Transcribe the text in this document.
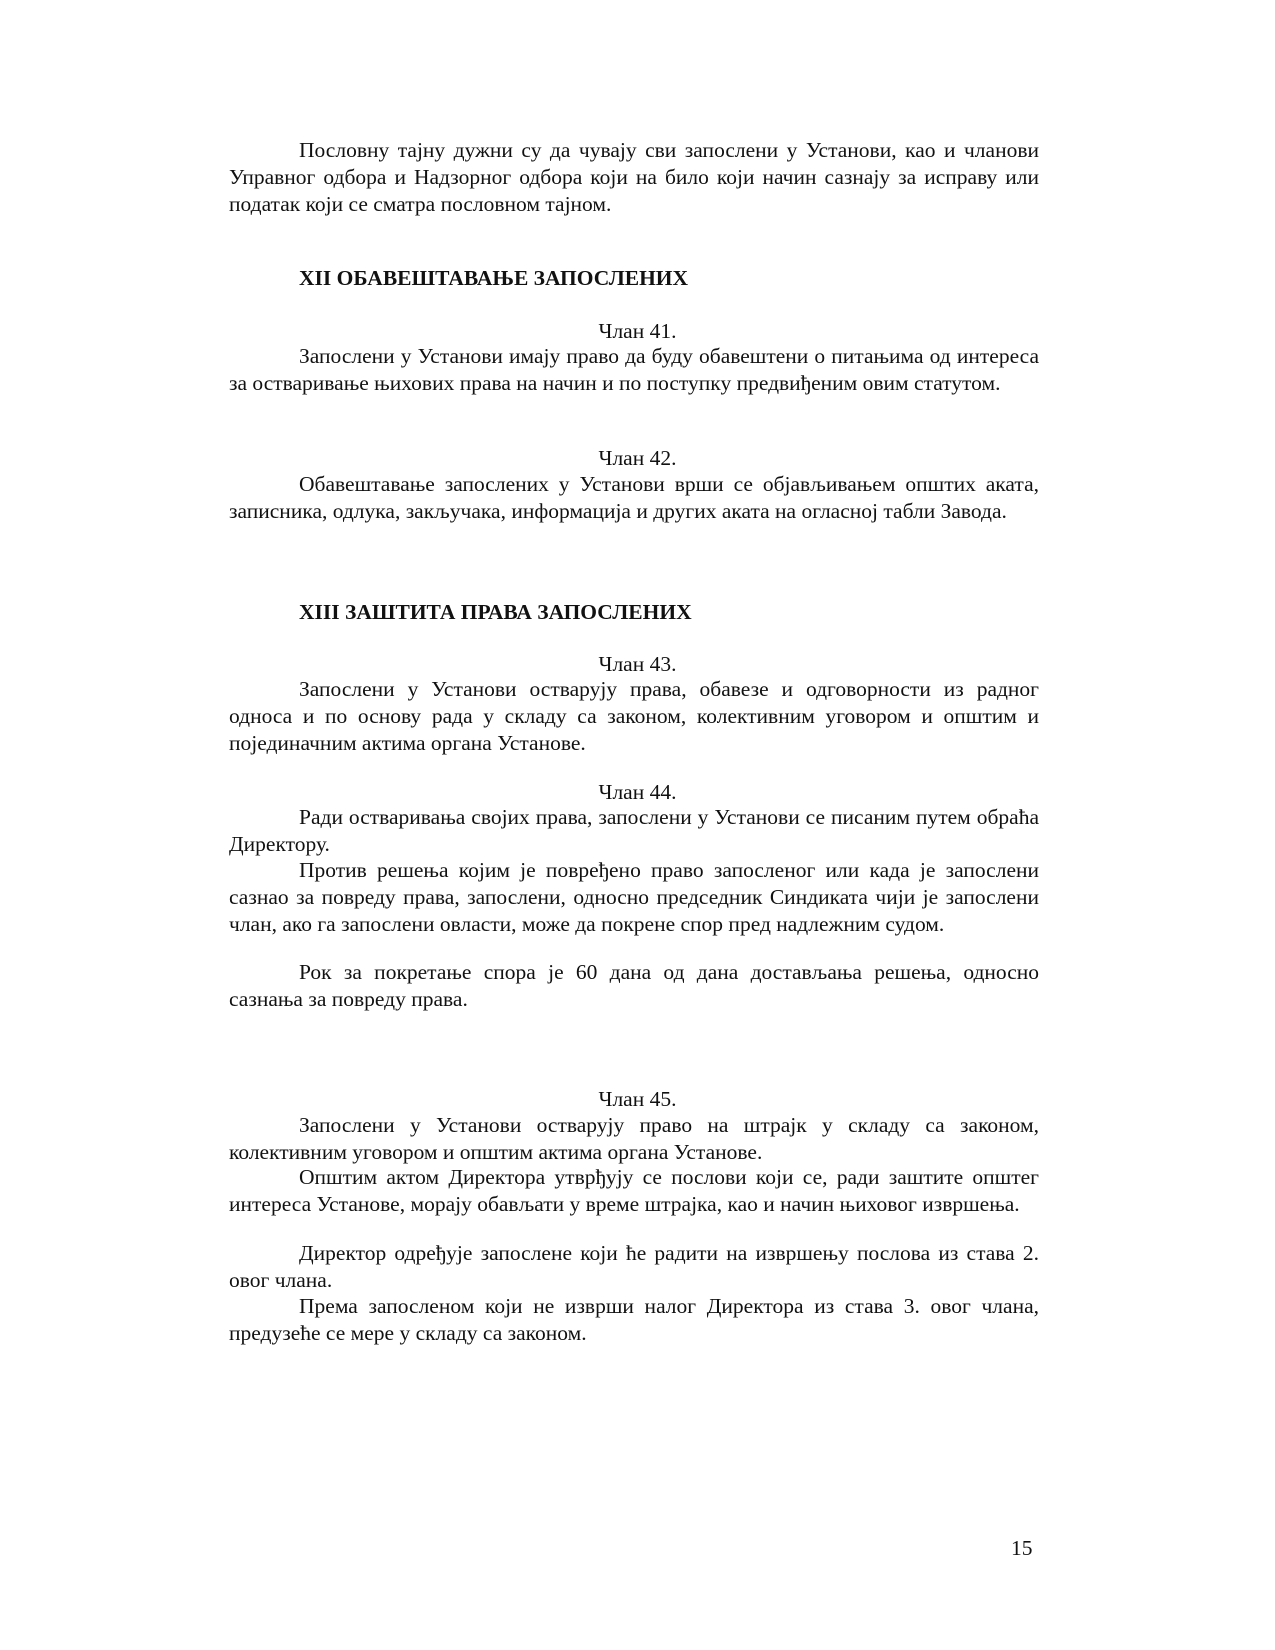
Пословну тајну дужни су да чувају сви запослени у Установи, као и чланови Управног одбора и Надзорног одбора који на било који начин сазнају за исправу или податак који се сматра пословном тајном.

XII ОБАВЕШТАВАЊЕ ЗАПОСЛЕНИХ

Члан 41.

Запослени у Установи имају право да буду обавештени о питањима од интереса за остваривање њихових права на начин и по поступку предвиђеним овим статутом.

Члан 42.

Обавештавање запослених у Установи врши се објављивањем општих аката, записника, одлука, закључака, информација и других аката на огласној табли Завода.

XIII ЗАШТИТА ПРАВА ЗАПОСЛЕНИХ

Члан 43.

Запослени у Установи остварују права, обавезе и одговорности из радног односа и по основу рада у складу са законом, колективним уговором и општим и појединачним актима органа Установе.

Члан 44.

Ради остваривања својих права, запослени у Установи се писаним путем обраћа Директору.

Против решења којим је повређено право запосленог или када је запослени сазнао за повреду права, запослени, односно председник Синдиката чији је запослени члан, ако га запослени овласти, може да покрене спор пред надлежним судом.

Рок за покретање спора је 60 дана од дана достављања решења, односно сазнања за повреду права.

Члан 45.

Запослени у Установи остварују право на штрајк у складу са законом, колективним уговором и општим актима органа Установе.

Општим актом Директора утврђују се послови који се, ради заштите општег интереса Установе, морају обављати у време штрајка, као и начин њиховог извршења.

Директор одређује запослене који ће радити на извршењу послова из става 2. овог члана.

Према запосленом који не изврши налог Директора из става 3. овог члана, предузеће се мере у складу са законом.

15
